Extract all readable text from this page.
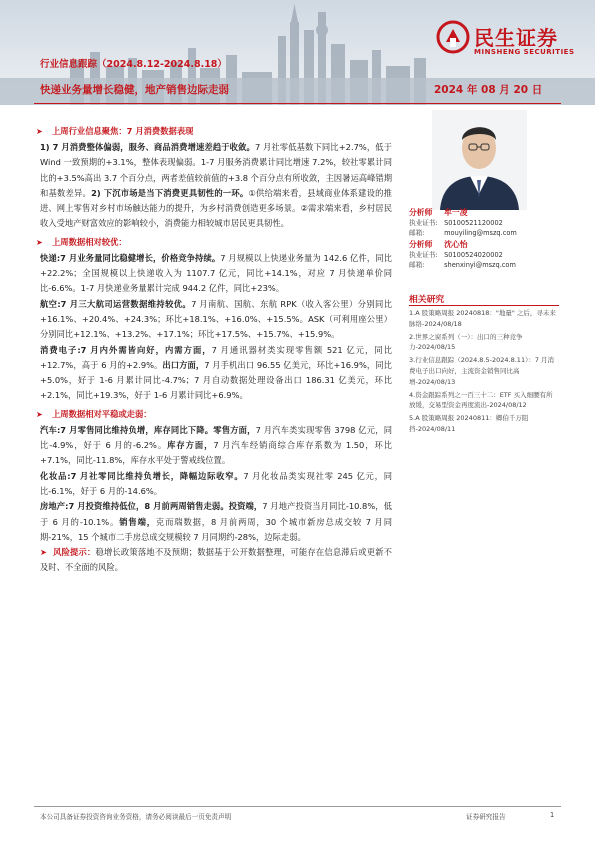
民生证券
MINSHENG SECURITIES
行业信息跟踪（2024.8.12-2024.8.18）
快递业务量增长稳健，地产销售边际走弱	2024 年 08 月 20 日
➤	上周行业信息聚焦：7 月消费数据表现

1) 7 月消费整体偏弱，服务、商品消费增速差趋于收敛。7 月社零低基数下同比+2.7%，低于 Wind 一致预期的+3.1%，整体表现偏弱。1-7 月服务消费累计同比增速 7.2%，较社零累计同比的+3.5%高出 3.7 个百分点，两者差值较前值的+3.8 个百分点有所收敛，主因暑运高峰错期和基数差异。2) 下沉市场是当下消费更具韧性的一环。①供给端来看，县域商业体系建设的推进、网上零售对乡村市场触达能力的提升，为乡村消费创造更多场景。②需求端来看，乡村居民收入受地产财富效应的影响较小，消费能力相较城市居民更具韧性。

➤	上周数据相对较优：

快递:7 月业务量同比稳健增长，价格竞争持续。7 月规模以上快递业务量为 142.6 亿件，同比+22.2%；全国规模以上快递收入为 1107.7 亿元，同比+14.1%，对应 7 月快递单价同比-6.6%。1-7 月快递业务量累计完成 944.2 亿件，同比+23%。

航空:7 月三大航司运营数据维持较优。7 月南航、国航、东航 RPK（收入客公里）分别同比+16.1%、+20.4%、+24.3%；环比+18.1%、+16.0%、+15.5%。ASK（可利用座公里）分别同比+12.1%、+13.2%、+17.1%；环比+17.5%、+15.7%、+15.9%。

消费电子:7 月内外需皆向好，内需方面，7 月通讯器材类实现零售额 521 亿元，同比+12.7%，高于 6 月的+2.9%。出口方面，7 月手机出口 96.55 亿美元，环比+16.9%，同比+5.0%，好于 1-6 月累计同比-4.7%；7 月自动数据处理设备出口 186.31 亿美元，环比+2.1%，同比+19.3%，好于 1-6 月累计同比+6.9%。

➤	上周数据相对平稳或走弱：

汽车:7 月零售同比维持负增，库存同比下降。零售方面，7 月汽车类实现零售 3798 亿元，同比-4.9%，好于 6 月的-6.2%。库存方面，7 月汽车经销商综合库存系数为 1.50，环比+7.1%，同比-11.8%，库存水平处于警戒线位置。

化妆品:7 月社零同比维持负增长，降幅边际收窄。7 月化妆品类实现社零 245 亿元，同比-6.1%，好于 6 月的-14.6%。

房地产:7 月投资维持低位，8 月前两周销售走弱。投资端，7 月地产投资当月同比-10.8%，低于 6 月的-10.1%。销售端，克而瑞数据，8 月前两周，30 个城市新房总成交较 7 月同期-21%，15 个城市二手房总成交规模较 7 月同期约-28%，边际走弱。

➤  风险提示：稳增长政策落地不及预期；数据基于公开数据整理，可能存在信息滞后或更新不及时、不全面的风险。

分析师 牟一凌
执业证书: S0100521120002
邮箱:	mouyiling@mszq.com
分析师 沈心怡
执业证书: S0100524020002
邮箱:	shenxinyi@mszq.com
相关研究
1.A 股策略周报 20240818："地量" 之后，寻未来脉络-2024/08/18
2.世界之窗系列（一）：出口的三种竞争力-2024/08/15
3.行业信息跟踪（2024.8.5-2024.8.11）：7 月消费电子出口向好，主流资金销售同比高增-2024/08/13
4.资金跟踪系列之一百三十二：ETF 买入细腰有所放缓，交易型资金再度流出-2024/08/12
5.A 股策略周报 20240811：卿伯千万阻挡-2024/08/11
本公司具备证券投资咨询业务资格，请务必阅读最后一页免责声明	证券研究报告	1
